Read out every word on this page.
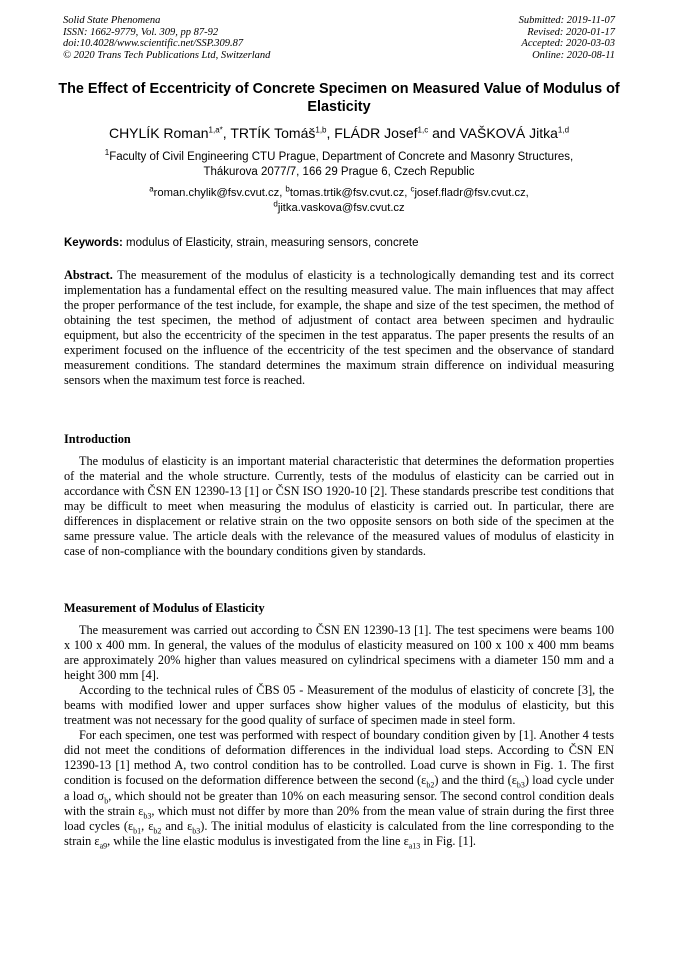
Solid State Phenomena
ISSN: 1662-9779, Vol. 309, pp 87-92
doi:10.4028/www.scientific.net/SSP.309.87
© 2020 Trans Tech Publications Ltd, Switzerland
Submitted: 2019-11-07
Revised: 2020-01-17
Accepted: 2020-03-03
Online: 2020-08-11
The Effect of Eccentricity of Concrete Specimen on Measured Value of Modulus of Elasticity
CHYLÍK Roman$^{1,a*}$, TRTÍK Tomáš$^{1,b}$, FLÁDR Josef$^{1,c}$ and VAŠKOVÁ Jitka$^{1,d}$
$^1$Faculty of Civil Engineering CTU Prague, Department of Concrete and Masonry Structures,
Thákurova 2077/7, 166 29 Prague 6, Czech Republic
$^a$roman.chylik@fsv.cvut.cz, $^b$tomas.trtik@fsv.cvut.cz, $^c$josef.fladr@fsv.cvut.cz,
$^d$jitka.vaskova@fsv.cvut.cz
Keywords: modulus of Elasticity, strain, measuring sensors, concrete

Abstract. The measurement of the modulus of elasticity is a technologically demanding test and its correct implementation has a fundamental effect on the resulting measured value. The main influences that may affect the proper performance of the test include, for example, the shape and size of the test specimen, the method of obtaining the test specimen, the method of adjustment of contact area between specimen and hydraulic equipment, but also the eccentricity of the specimen in the test apparatus. The paper presents the results of an experiment focused on the influence of the eccentricity of the test specimen and the observance of standard measurement conditions. The standard determines the maximum strain difference on individual measuring sensors when the maximum test force is reached.

Introduction

The modulus of elasticity is an important material characteristic that determines the deformation properties of the material and the whole structure. Currently, tests of the modulus of elasticity can be carried out in accordance with ČSN EN 12390-13 [1] or ČSN ISO 1920-10 [2]. These standards prescribe test conditions that may be difficult to meet when measuring the modulus of elasticity is carried out. In particular, there are differences in displacement or relative strain on the two opposite sensors on both side of the specimen at the same pressure value. The article deals with the relevance of the measured values of modulus of elasticity in case of non-compliance with the boundary conditions given by standards.

Measurement of Modulus of Elasticity

The measurement was carried out according to ČSN EN 12390-13 [1]. The test specimens were beams 100 x 100 x 400 mm. In general, the values of the modulus of elasticity measured on 100 x 100 x 400 mm beams are approximately 20% higher than values measured on cylindrical specimens with a diameter 150 mm and a height 300 mm [4].

According to the technical rules of ČBS 05 - Measurement of the modulus of elasticity of concrete [3], the beams with modified lower and upper surfaces show higher values of the modulus of elasticity, but this treatment was not necessary for the good quality of surface of specimen made in steel form.

For each specimen, one test was performed with respect of boundary condition given by [1]. Another 4 tests did not meet the conditions of deformation differences in the individual load steps. According to ČSN EN 12390-13 [1] method A, two control condition has to be controlled. Load curve is shown in Fig. 1. The first condition is focused on the deformation difference between the second $(\varepsilon_{b2})$ and the third $(\varepsilon_{b3})$ load cycle under a load $\sigma_b$, which should not be greater than 10% on each measuring sensor. The second control condition deals with the strain $\varepsilon_{b3}$, which must not differ by more than 20% from the mean value of strain during the first three load cycles ($\varepsilon_{b1}$, $\varepsilon_{b2}$ and $\varepsilon_{b3}$). The initial modulus of elasticity is calculated from the line corresponding to the strain $\varepsilon_{a9}$, while the line elastic modulus is investigated from the line $\varepsilon_{a13}$ in Fig. [1].
